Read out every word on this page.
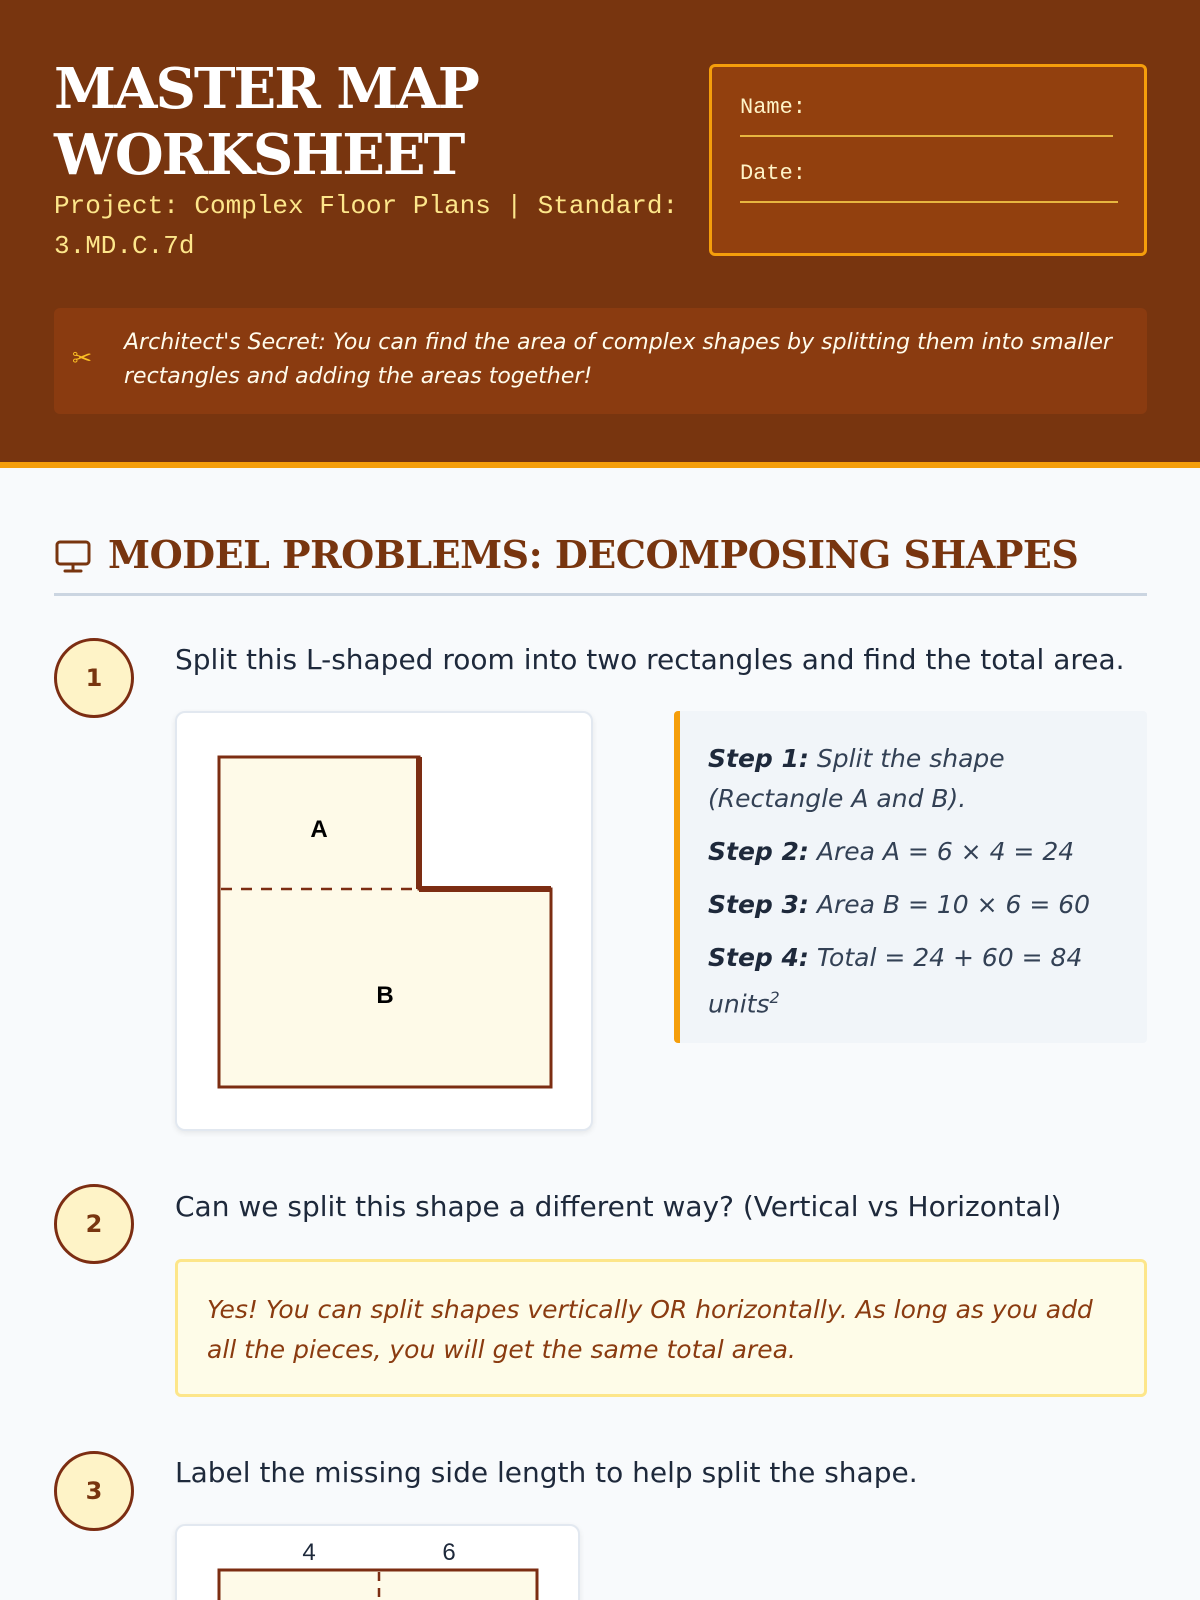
MASTER MAP
WORKSHEET
Project: Complex Floor Plans | Standard: 3.MD.C.7d
Name:
Date:
✂

Architect's Secret: You can find the area of complex shapes by splitting them into smaller rectangles and adding the areas together!

MODEL PROBLEMS: DECOMPOSING SHAPES
1
Split this L-shaped room into two rectangles and find the total area.
A
B
Step 1: Split the shape (Rectangle A and B).
Step 2: Area A = 6 × 4 = 24
Step 3: Area B = 10 × 6 = 60
Step 4: Total = 24 + 60 = 84 units$^2$
2
Can we split this shape a different way? (Vertical vs Horizontal)
Yes! You can split shapes vertically OR horizontally. As long as you add all the pieces, you will get the same total area.
3
Label the missing side length to help split the shape.
4	6
